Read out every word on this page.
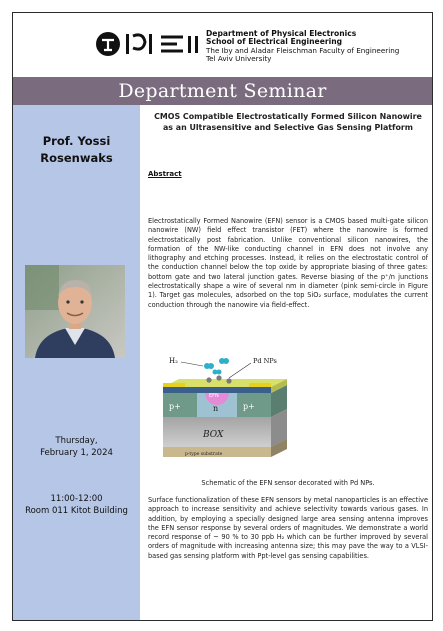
Department of Physical Electronics
School of Electrical Engineering
The Iby and Aladar Fleischman Faculty of Engineering
Tel Aviv University
Department Seminar
Prof. Yossi Rosenwaks
Thursday,
February 1, 2024
11:00-12:00
Room 011 Kitot Building
CMOS Compatible Electrostatically Formed Silicon Nanowire as an Ultrasensitive and Selective Gas Sensing Platform
Abstract
Electrostatically Formed Nanowire (EFN) sensor is a CMOS based multi-gate silicon nanowire (NW) field effect transistor (FET) where the nanowire is formed electrostatically post fabrication. Unlike conventional silicon nanowires, the formation of the NW-like conducting channel in EFN does not involve any lithography and etching processes. Instead, it relies on the electrostatic control of the conduction channel below the top oxide by appropriate biasing of three gates: bottom gate and two lateral junction gates. Reverse biasing of the p⁺/n junctions electrostatically shape a wire of several nm in diameter (pink semi-circle in Figure 1). Target gas molecules, adsorbed on the top SiO₂ surface, modulates the current conduction through the nanowire via field-effect.
H₂	Pd NPs
p+	n	p+
EFN
BOX
p-type substrate
Schematic of the EFN sensor decorated with Pd NPs.
Surface functionalization of these EFN sensors by metal nanoparticles is an effective approach to increase sensitivity and achieve selectivity towards various gases. In addition, by employing a specially designed large area sensing antenna improves the EFN sensor response by several orders of magnitudes. We demonstrate a world record response of ~ 90 % to 30 ppb H₂ which can be further improved by several orders of magnitude with increasing antenna size; this may pave the way to a VLSI-based gas sensing platform with Ppt-level gas sensing capabilities.
